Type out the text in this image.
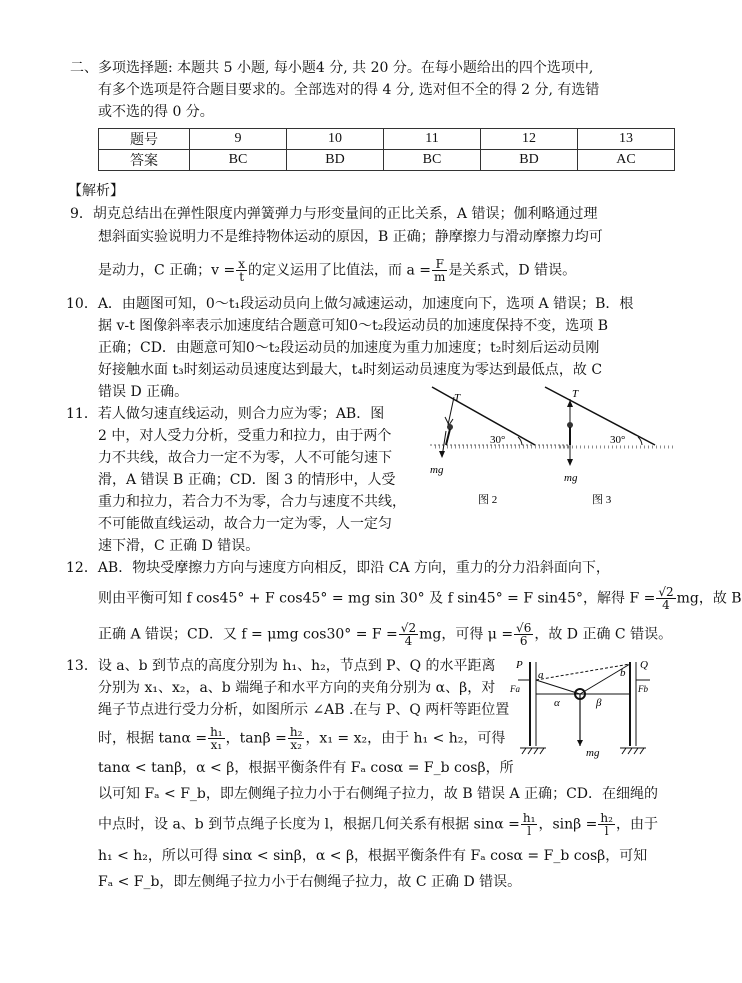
二、多项选择题: 本题共 5 小题, 每小题4 分, 共 20 分。在每小题给出的四个选项中,
有多个选项是符合题目要求的。全部选对的得 4 分, 选对但不全的得 2 分, 有选错
或不选的得 0 分。
题号	9	10	11	12	13
答案	BC	BD	BC	BD	AC
【解析】
9．胡克总结出在弹性限度内弹簧弹力与形变量间的正比关系，A 错误；伽利略通过理
想斜面实验说明力不是维持物体运动的原因，B 正确；静摩擦力与滑动摩擦力均可
是动力，C 正确；$v = \frac{x}{t}$ 的定义运用了比值法，而 $a = \frac{F}{m}$ 是关系式，D 错误。
10．A．由题图可知，0～t₁段运动员向上做匀减速运动，加速度向下，选项 A 错误；B．根
据 v-t 图像斜率表示加速度结合题意可知0～t₂段运动员的加速度保持不变，选项 B
正确；CD．由题意可知0～t₂段运动员的加速度为重力加速度；t₂时刻后运动员刚
好接触水面 t₃时刻运动员速度达到最大，t₄时刻运动员速度为零达到最低点，故 C
错误 D 正确。
11．若人做匀速直线运动，则合力应为零；AB．图
2 中，对人受力分析，受重力和拉力，由于两个
力不共线，故合力一定不为零，人不可能匀速下
滑，A 错误 B 正确；CD．图 3 的情形中，人受
重力和拉力，若合力不为零，合力与速度不共线，
不可能做直线运动，故合力一定为零，人一定匀
速下滑，C 正确 D 错误。
T
mg
30°
图 2
T
mg
30°
图 3
12．AB．物块受摩擦力方向与速度方向相反，即沿 CA 方向，重力的分力沿斜面向下，
则由平衡可知 f cos45° + F cos45° = mg sin 30° 及 f sin45° = F sin45°，解得 $F = \frac{√2}{4}$ mg，故 B
正确 A 错误；CD．又 f = μmg $\cos 30^\circ = F = \frac{√2}{4}$ mg，可得 $\mu = \frac{√6}{6}$ ，故 D 正确 C 错误。
13．设 a、b 到节点的高度分别为 h₁、h₂，节点到 P、Q 的水平距离
分别为 x₁、x₂，a、b 端绳子和水平方向的夹角分别为 α、β，对
绳子节点进行受力分析，如图所示 ∠AB .在与 P、Q 两杆等距位置
时，根据 $\tan\alpha = \frac{\text{h₁}}{\text{x₁}}$ ，$\tan\beta = \frac{\text{h₂}}{\text{x₂}}$ ，x₁ = x₂，由于 h₁ < h₂，可得
tanα < tanβ，α < β，根据平衡条件有 Fₐ cosα = F_b cosβ，所
以可知 Fₐ < F_b，即左侧绳子拉力小于右侧绳子拉力，故 B 错误 A 正确；CD．在细绳的
中点时，设 a、b 到节点绳子长度为 l，根据几何关系有根据 $\sin\alpha = \frac{\text{h₁}}{l}$ ，$\sin\beta = \frac{\text{h₂}}{l}$ ，由于
h₁ < h₂，所以可得 sinα < sinβ，α < β，根据平衡条件有 Fₐ cosα = F_b cosβ，可知
Fₐ < F_b，即左侧绳子拉力小于右侧绳子拉力，故 C 正确 D 错误。
P	Q
a	b
Fa	Fb
α	β
mg
